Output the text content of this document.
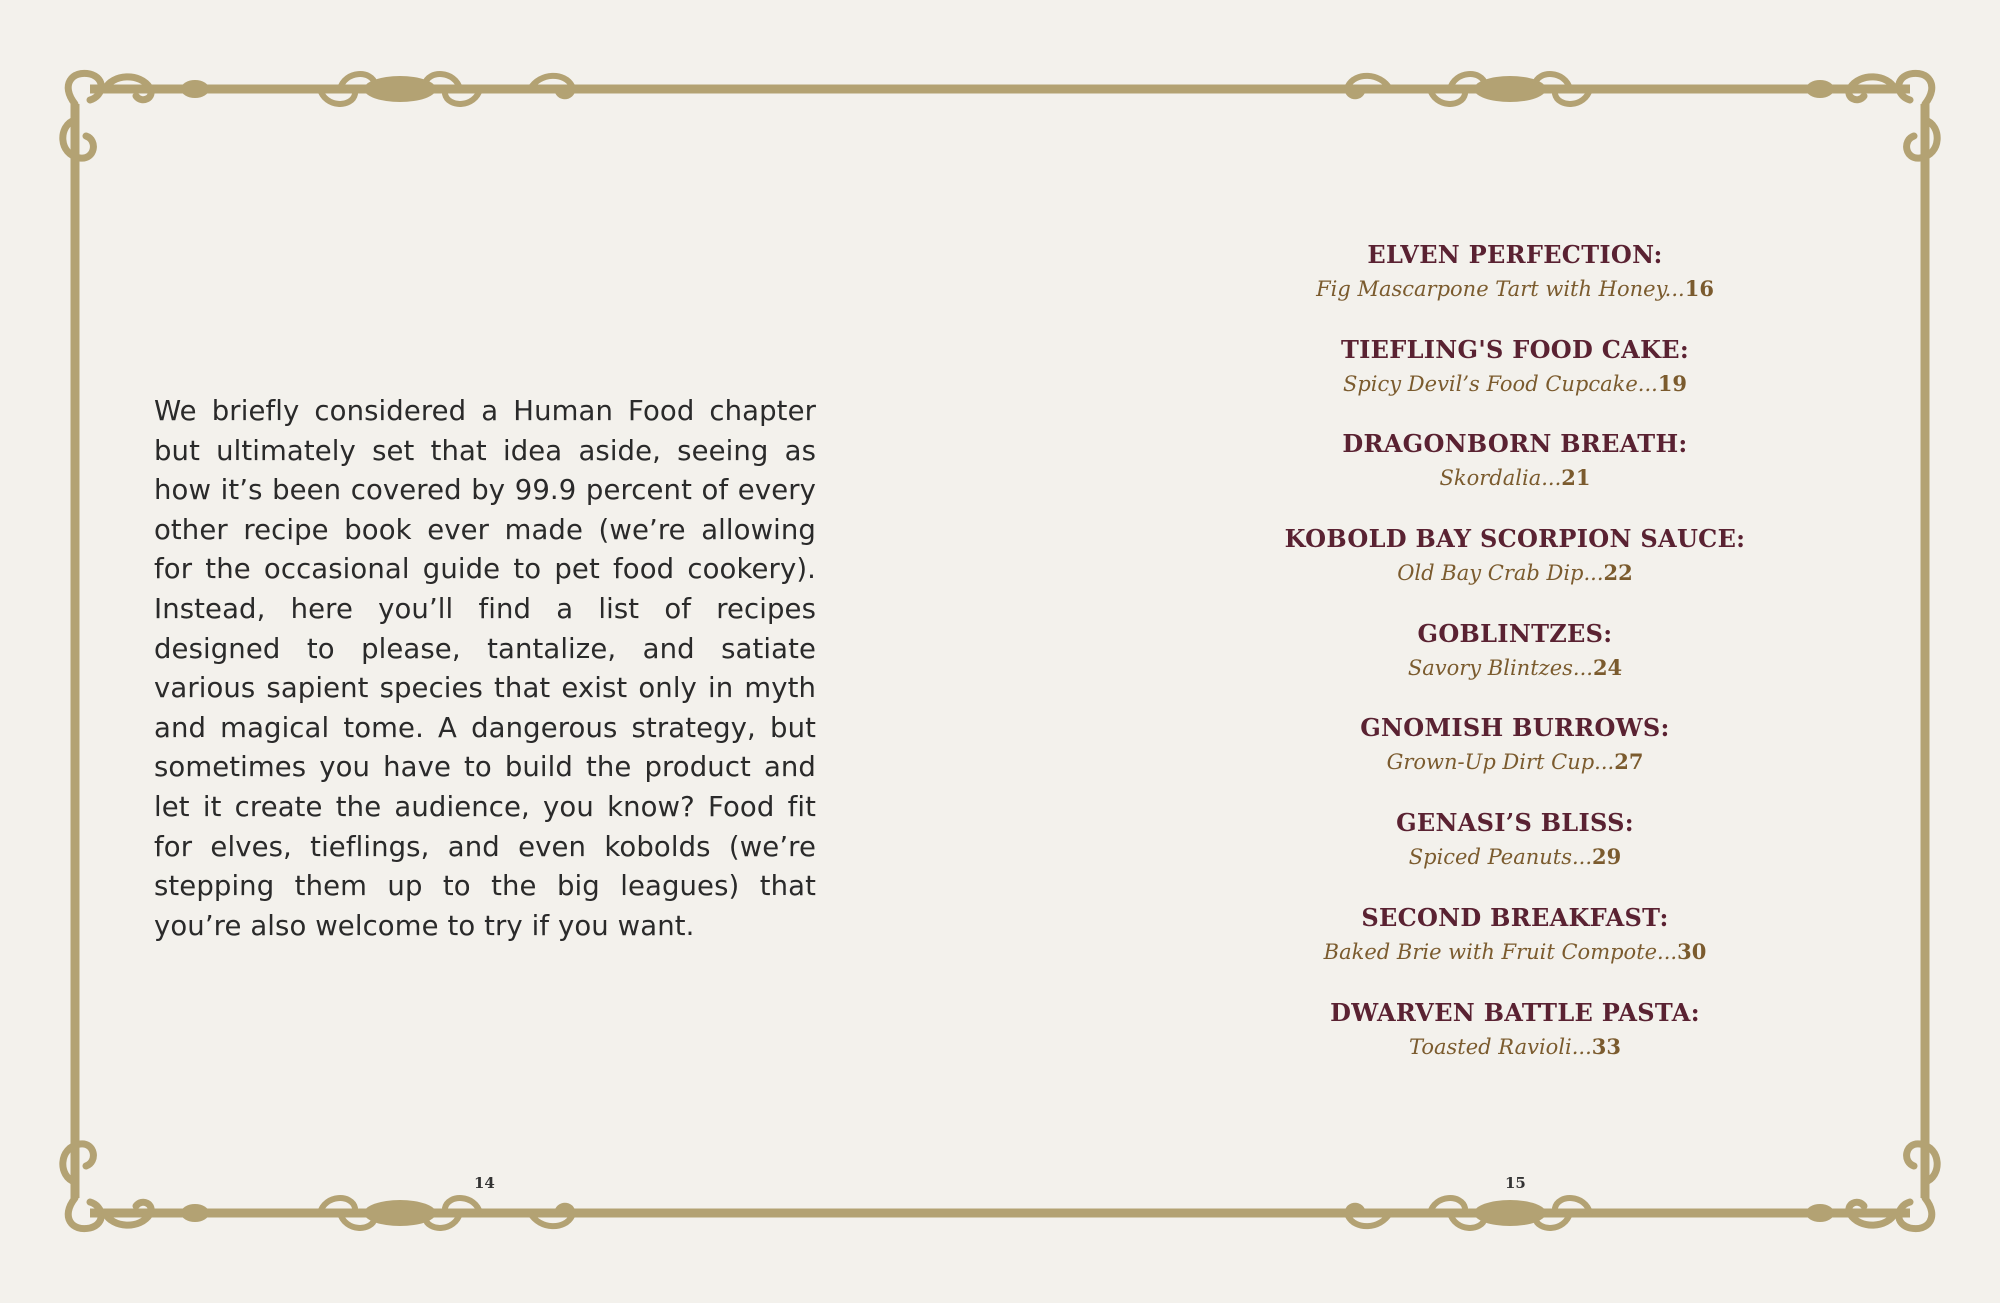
We briefly considered a Human Food chapter but ultimately set that idea aside, seeing as how it’s been covered by 99.9 percent of every other recipe book ever made (we’re allowing for the occasional guide to pet food cookery). Instead, here you’ll find a list of recipes designed to please, tantalize, and satiate various sapient species that exist only in myth and magical tome. A dangerous strategy, but sometimes you have to build the product and let it create the audience, you know? Food fit for elves, tieflings, and even kobolds (we’re stepping them up to the big leagues) that you’re also welcome to try if you want.
ELVEN PERFECTION:
Fig Mascarpone Tart with Honey...16
TIEFLING'S FOOD CAKE:
Spicy Devil’s Food Cupcake...19
DRAGONBORN BREATH:
Skordalia...21
KOBOLD BAY SCORPION SAUCE:
Old Bay Crab Dip...22
GOBLINTZES:
Savory Blintzes...24
GNOMISH BURROWS:
Grown-Up Dirt Cup...27
GENASI’S BLISS:
Spiced Peanuts...29
SECOND BREAKFAST:
Baked Brie with Fruit Compote...30
DWARVEN BATTLE PASTA:
Toasted Ravioli...33
14	15
